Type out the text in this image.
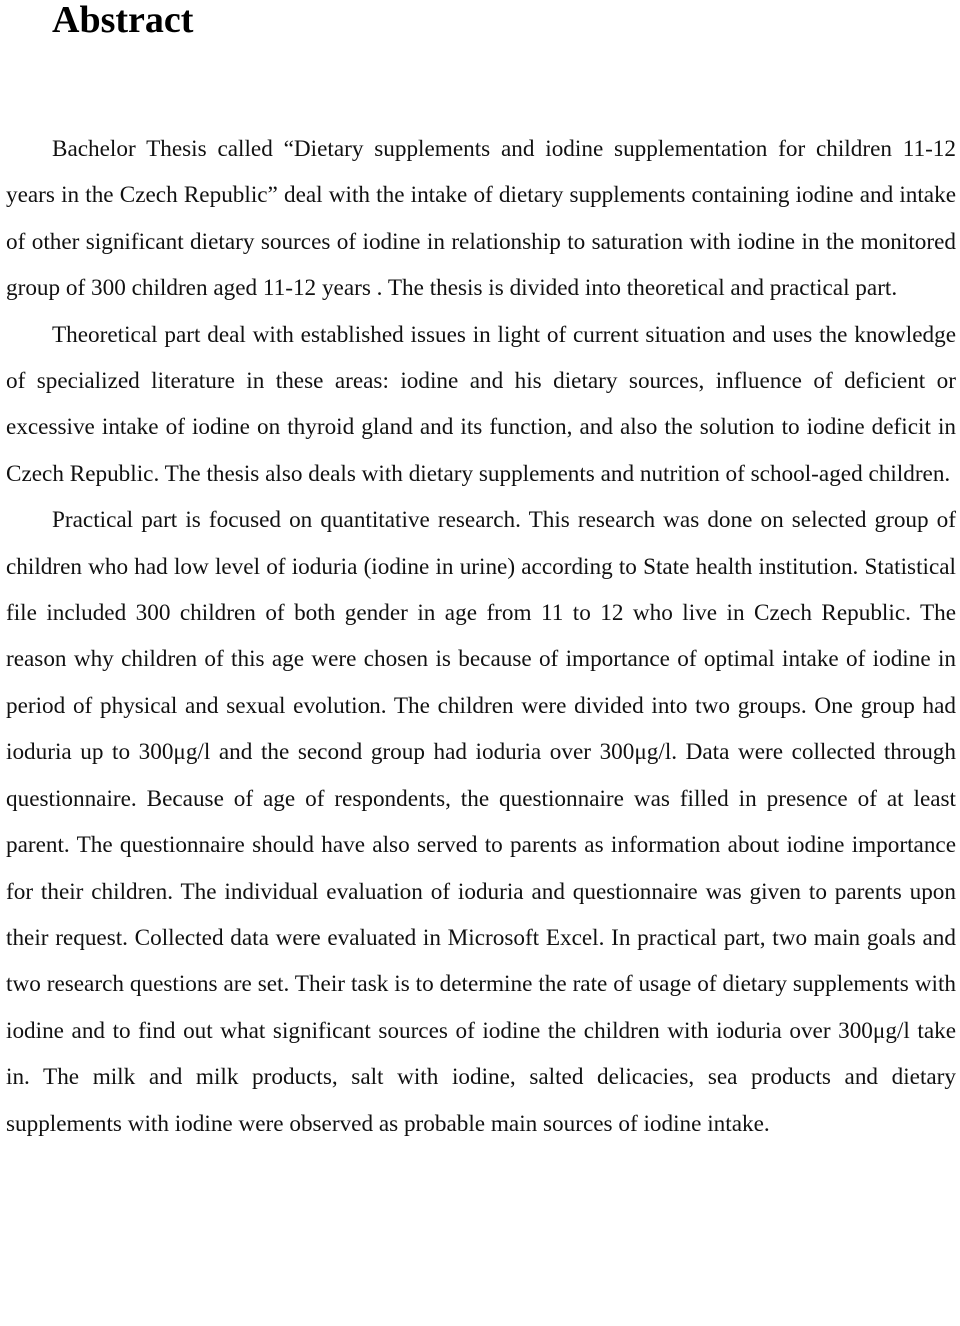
Abstract

Bachelor Thesis called “Dietary supplements and iodine supplementation for children 11-12 years in the Czech Republic” deal with the intake of dietary supplements containing iodine and intake of other significant dietary sources of iodine in relationship to saturation with iodine in the monitored group of 300 children aged 11-12 years . The thesis is divided into theoretical and practical part.

Theoretical part deal with established issues in light of current situation and uses the knowledge of specialized literature in these areas: iodine and his dietary sources, influence of deficient or excessive intake of iodine on thyroid gland and its function, and also the solution to iodine deficit in Czech Republic. The thesis also deals with dietary supplements and nutrition of school-aged children.

Practical part is focused on quantitative research. This research was done on selected group of children who had low level of ioduria (iodine in urine) according to State health institution. Statistical file included 300 children of both gender in age from 11 to 12 who live in Czech Republic. The reason why children of this age were chosen is because of importance of optimal intake of iodine in period of physical and sexual evolution. The children were divided into two groups. One group had ioduria up to 300μg/l and the second group had ioduria over 300μg/l. Data were collected through questionnaire. Because of age of respondents, the questionnaire was filled in presence of at least parent. The questionnaire should have also served to parents as information about iodine importance for their children. The individual evaluation of ioduria and questionnaire was given to parents upon their request. Collected data were evaluated in Microsoft Excel. In practical part, two main goals and two research questions are set. Their task is to determine the rate of usage of dietary supplements with iodine and to find out what significant sources of iodine the children with ioduria over 300μg/l take in. The milk and milk products, salt with iodine, salted delicacies, sea products and dietary supplements with iodine were observed as probable main sources of iodine intake.
